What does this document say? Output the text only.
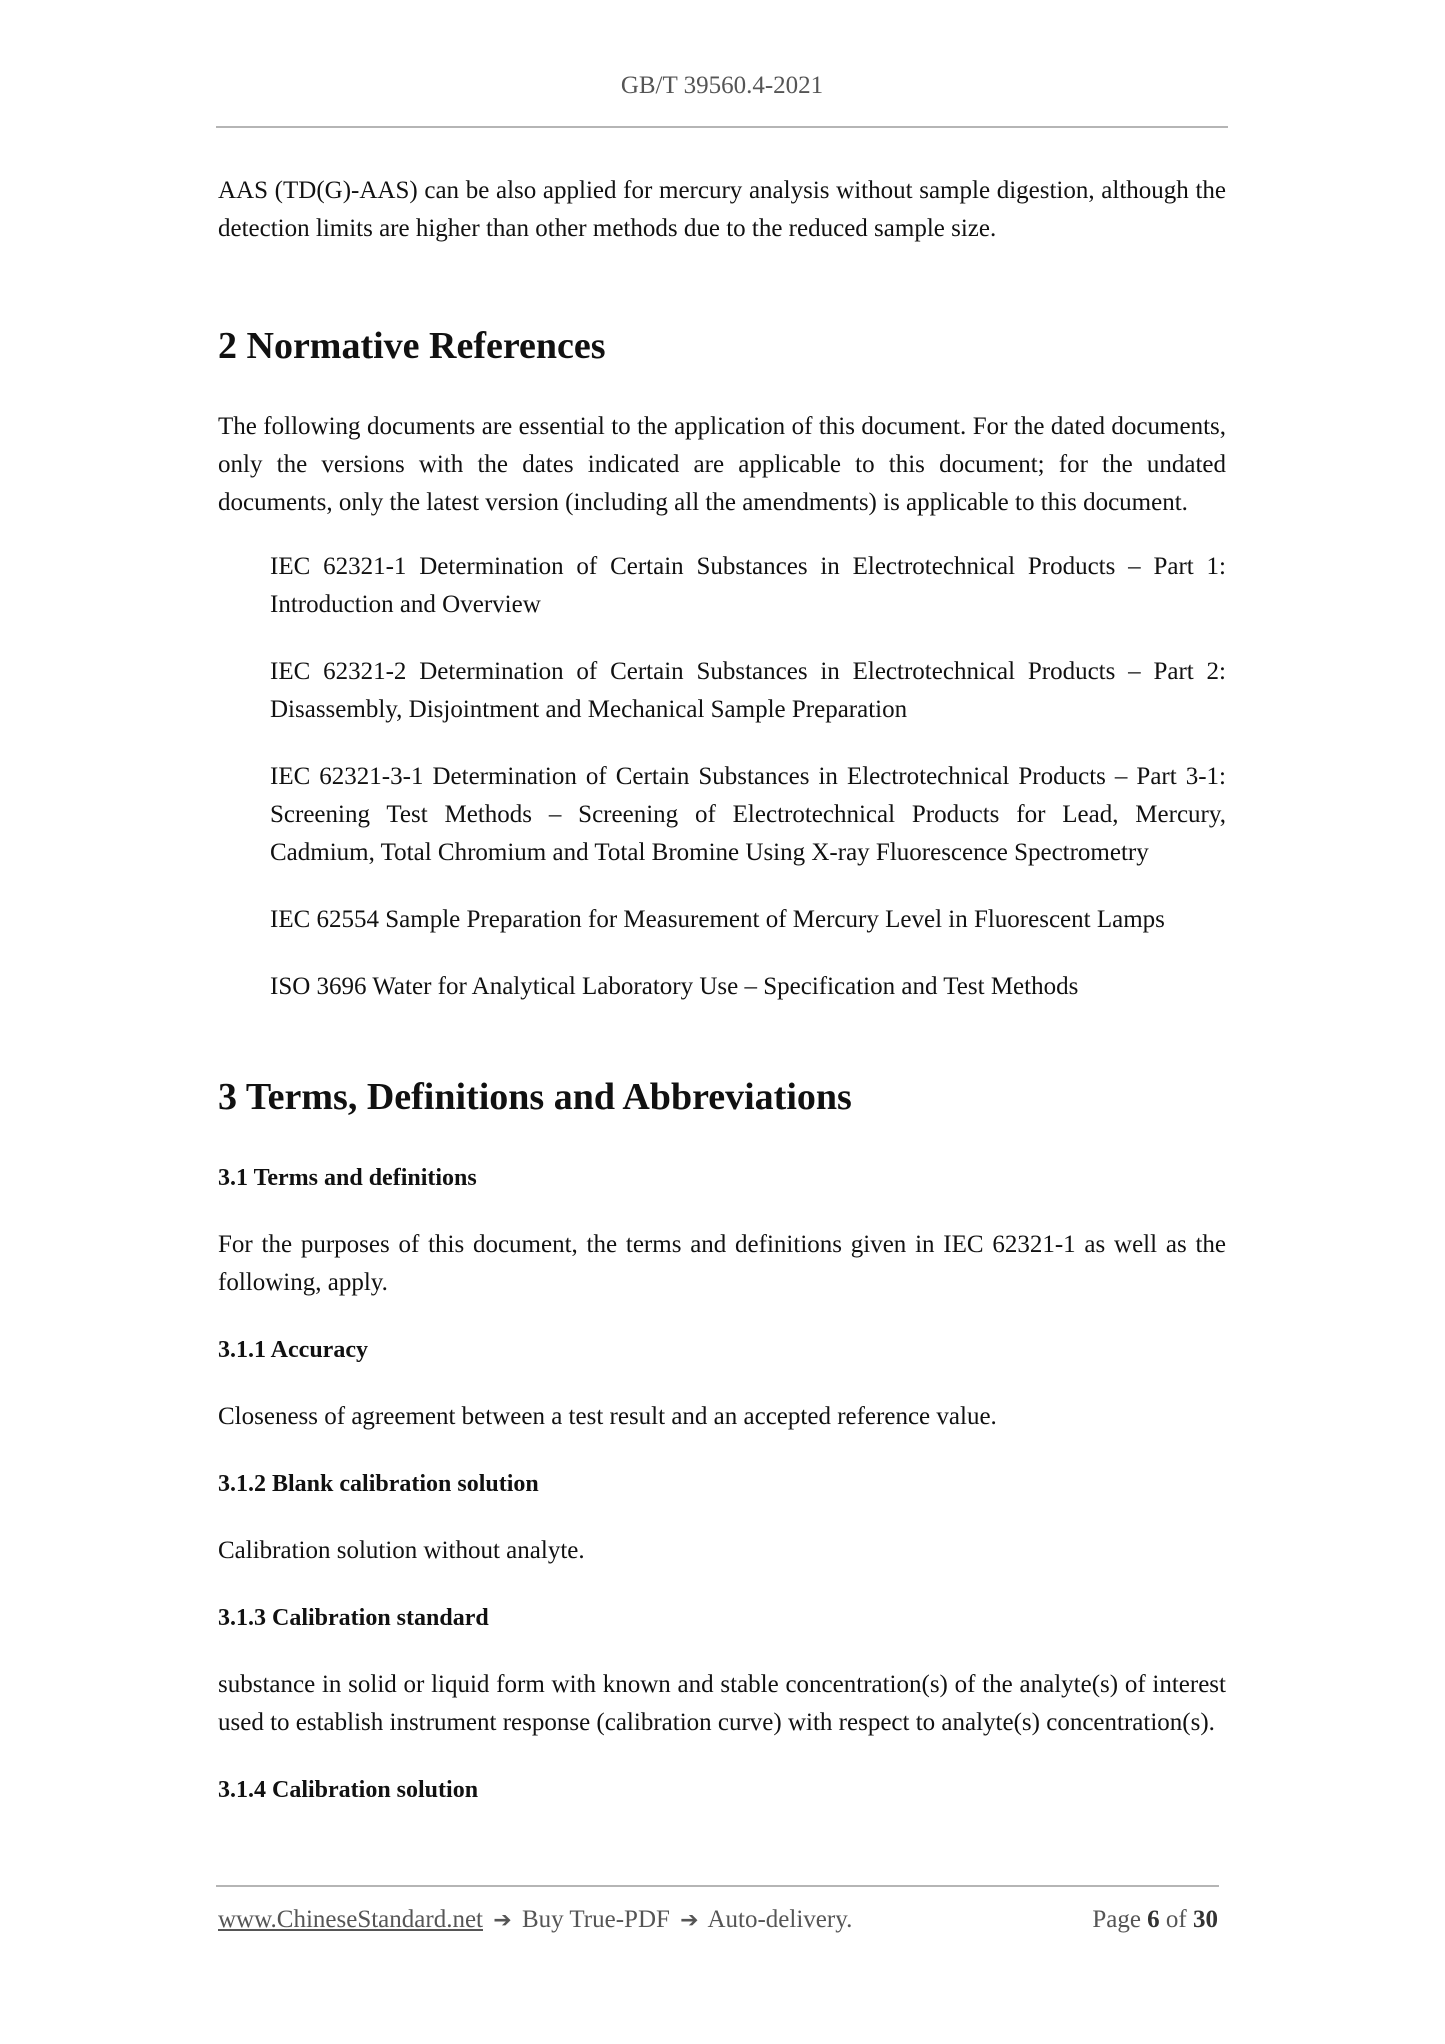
GB/T 39560.4-2021

AAS (TD(G)-AAS) can be also applied for mercury analysis without sample digestion, although the detection limits are higher than other methods due to the reduced sample size.

2 Normative References

The following documents are essential to the application of this document. For the dated documents, only the versions with the dates indicated are applicable to this document; for the undated documents, only the latest version (including all the amendments) is applicable to this document.

IEC 62321-1 Determination of Certain Substances in Electrotechnical Products – Part 1: Introduction and Overview

IEC 62321-2 Determination of Certain Substances in Electrotechnical Products – Part 2: Disassembly, Disjointment and Mechanical Sample Preparation

IEC 62321-3-1 Determination of Certain Substances in Electrotechnical Products – Part 3-1: Screening Test Methods – Screening of Electrotechnical Products for Lead, Mercury, Cadmium, Total Chromium and Total Bromine Using X-ray Fluorescence Spectrometry

IEC 62554 Sample Preparation for Measurement of Mercury Level in Fluorescent Lamps

ISO 3696 Water for Analytical Laboratory Use – Specification and Test Methods

3 Terms, Definitions and Abbreviations
3.1 Terms and definitions

For the purposes of this document, the terms and definitions given in IEC 62321-1 as well as the following, apply.

3.1.1 Accuracy

Closeness of agreement between a test result and an accepted reference value.

3.1.2 Blank calibration solution

Calibration solution without analyte.

3.1.3 Calibration standard

substance in solid or liquid form with known and stable concentration(s) of the analyte(s) of interest used to establish instrument response (calibration curve) with respect to analyte(s) concentration(s).

3.1.4 Calibration solution
www.ChineseStandard.net ➔ Buy True-PDF ➔ Auto-delivery.	Page 6 of 30
